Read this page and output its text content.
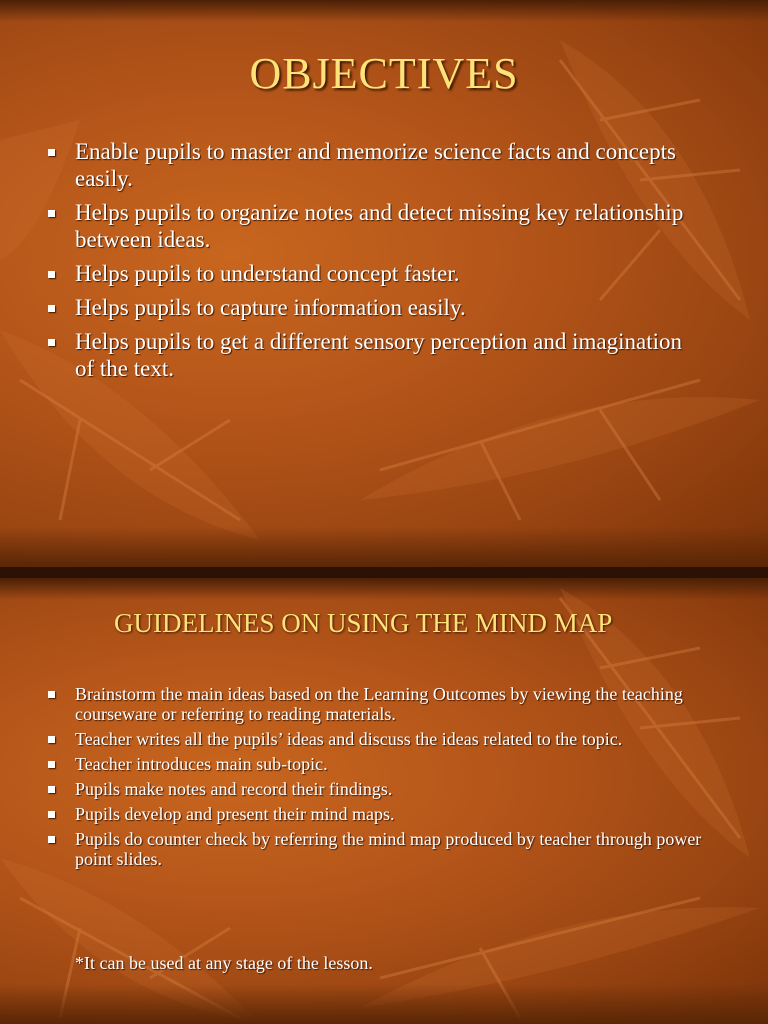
OBJECTIVES
Enable pupils to master and memorize science facts and concepts easily.
Helps pupils to organize notes and detect missing key relationship between ideas.
Helps pupils to understand concept faster.
Helps pupils to capture information easily.
Helps pupils to get a different sensory perception and imagination of the text.
GUIDELINES ON USING THE MIND MAP
Brainstorm the main ideas based on the Learning Outcomes by viewing the teaching courseware or referring to reading materials.
Teacher writes all the pupils’ ideas and discuss the ideas related to the topic.
Teacher introduces main sub-topic.
Pupils make notes and record their findings.
Pupils develop and present their mind maps.
Pupils do counter check by referring the mind map produced by teacher through power point slides.
*It can be used at any stage of the lesson.
